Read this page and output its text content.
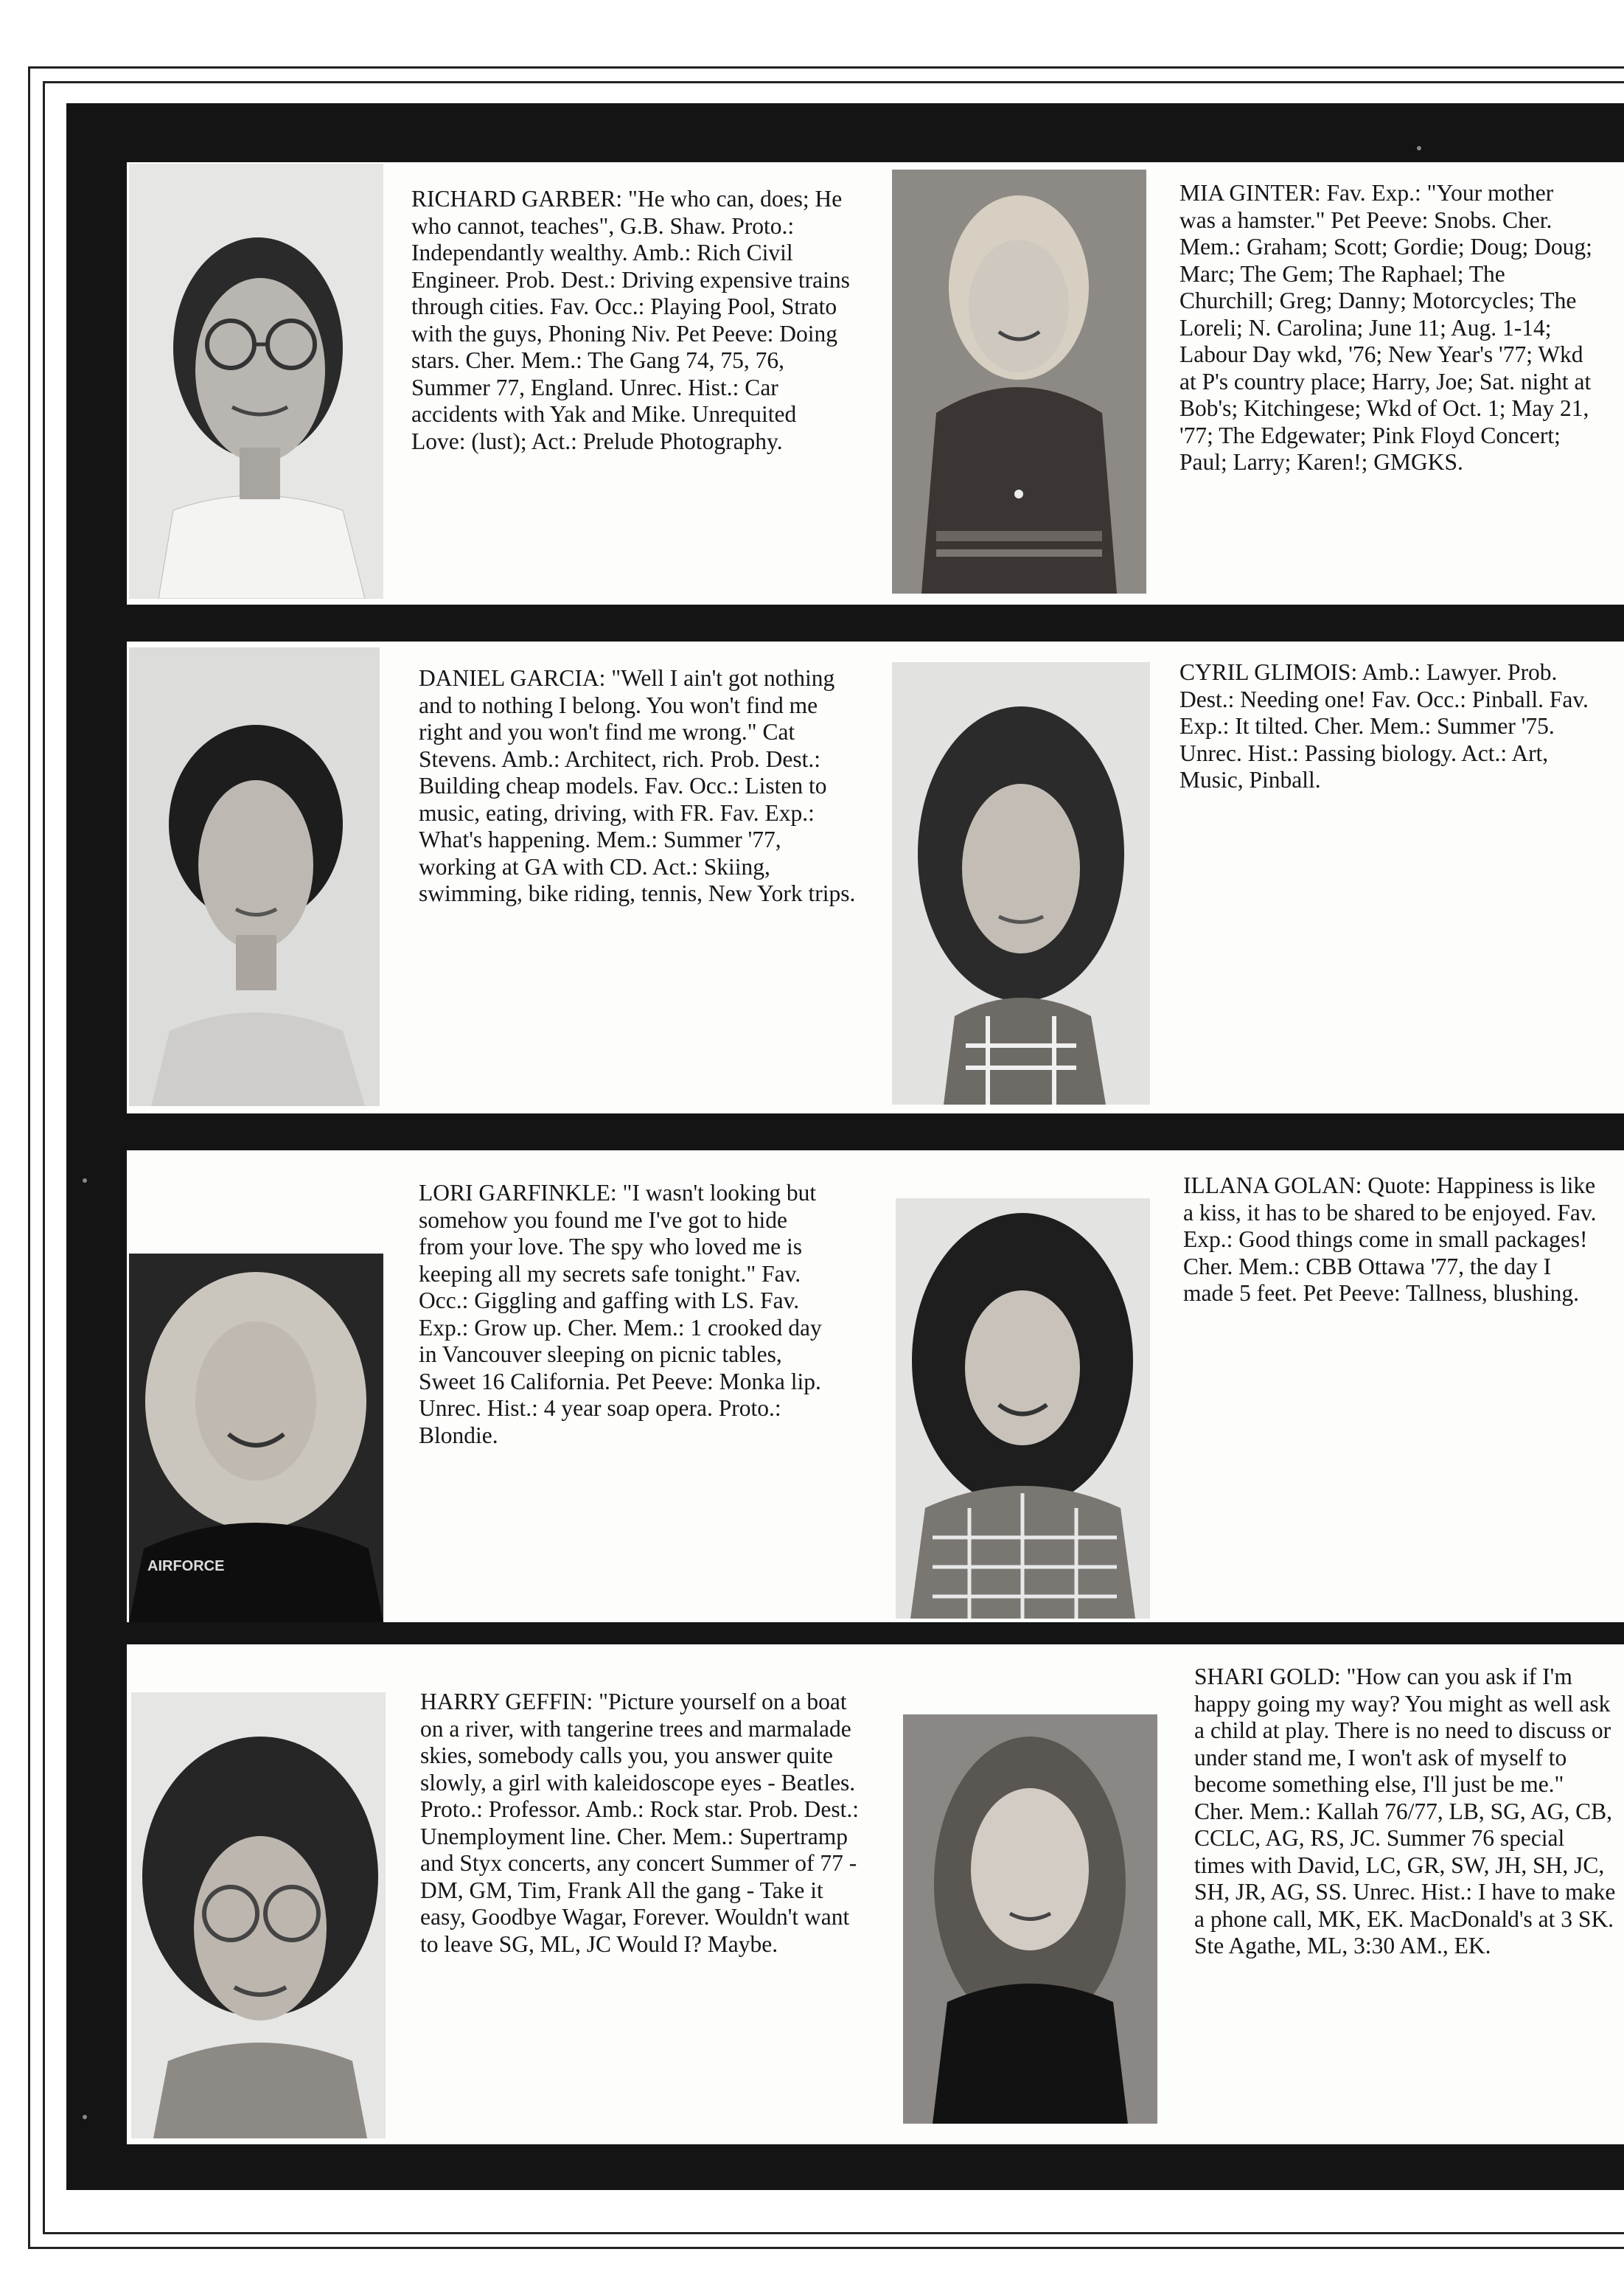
AIRFORCE

RICHARD GARBER: "He who can, does; He who cannot, teaches", G.B. Shaw. Proto.: Independantly wealthy. Amb.: Rich Civil Engineer. Prob. Dest.: Driving expensive trains through cities. Fav. Occ.: Playing Pool, Strato with the guys, Phoning Niv. Pet Peeve: Doing stars. Cher. Mem.: The Gang 74, 75, 76, Summer 77, England. Unrec. Hist.: Car accidents with Yak and Mike. Unrequited Love: (lust); Act.: Prelude Photography.

MIA GINTER: Fav. Exp.: "Your mother was a hamster." Pet Peeve: Snobs. Cher. Mem.: Graham; Scott; Gordie; Doug; Doug; Marc; The Gem; The Raphael; The Churchill; Greg; Danny; Motorcycles; The Loreli; N. Carolina; June 11; Aug. 1-14; Labour Day wkd, '76; New Year's '77; Wkd at P's country place; Harry, Joe; Sat. night at Bob's; Kitchingese; Wkd of Oct. 1; May 21, '77; The Edgewater; Pink Floyd Concert; Paul; Larry; Karen!; GMGKS.

DANIEL GARCIA: "Well I ain't got nothing and to nothing I belong. You won't find me right and you won't find me wrong." Cat Stevens. Amb.: Architect, rich. Prob. Dest.: Building cheap models. Fav. Occ.: Listen to music, eating, driving, with FR. Fav. Exp.: What's happening. Mem.: Summer '77, working at GA with CD. Act.: Skiing, swimming, bike riding, tennis, New York trips.

CYRIL GLIMOIS: Amb.: Lawyer. Prob. Dest.: Needing one! Fav. Occ.: Pinball. Fav. Exp.: It tilted. Cher. Mem.: Summer '75. Unrec. Hist.: Passing biology. Act.: Art, Music, Pinball.

LORI GARFINKLE: "I wasn't looking but somehow you found me I've got to hide from your love. The spy who loved me is keeping all my secrets safe tonight." Fav. Occ.: Giggling and gaffing with LS. Fav. Exp.: Grow up. Cher. Mem.: 1 crooked day in Vancouver sleeping on picnic tables, Sweet 16 California. Pet Peeve: Monka lip. Unrec. Hist.: 4 year soap opera. Proto.: Blondie.

ILLANA GOLAN: Quote: Happiness is like a kiss, it has to be shared to be enjoyed. Fav. Exp.: Good things come in small packages! Cher. Mem.: CBB Ottawa '77, the day I made 5 feet. Pet Peeve: Tallness, blushing.

HARRY GEFFIN: "Picture yourself on a boat on a river, with tangerine trees and marmalade skies, somebody calls you, you answer quite slowly, a girl with kaleidoscope eyes - Beatles. Proto.: Professor. Amb.: Rock star. Prob. Dest.: Unemployment line. Cher. Mem.: Supertramp and Styx concerts, any concert Summer of 77 - DM, GM, Tim, Frank All the gang - Take it easy, Goodbye Wagar, Forever. Wouldn't want to leave SG, ML, JC Would I? Maybe.

SHARI GOLD: "How can you ask if I'm happy going my way? You might as well ask a child at play. There is no need to discuss or under stand me, I won't ask of myself to become something else, I'll just be me." Cher. Mem.: Kallah 76/77, LB, SG, AG, CB, CCLC, AG, RS, JC. Summer 76 special times with David, LC, GR, SW, JH, SH, JC, SH, JR, AG, SS. Unrec. Hist.: I have to make a phone call, MK, EK. MacDonald's at 3 SK. Ste Agathe, ML, 3:30 AM., EK.
